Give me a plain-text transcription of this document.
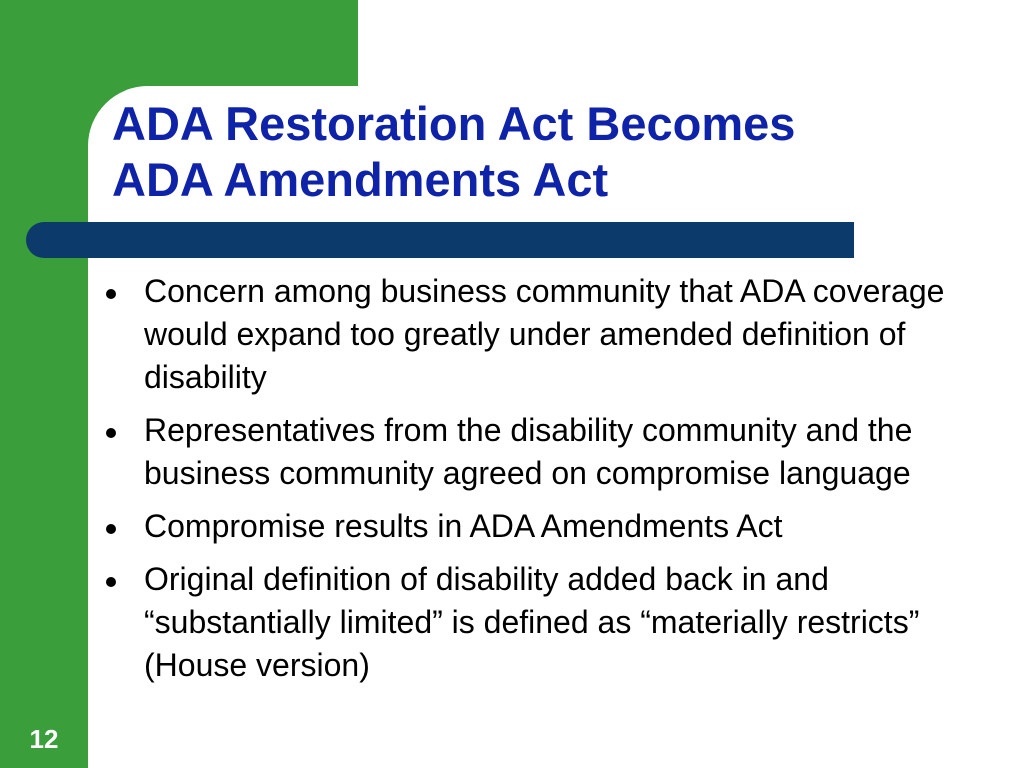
ADA Restoration Act Becomes
ADA Amendments Act
Concern among business community that ADA coverage would expand too greatly under amended definition of disability
Representatives from the disability community and the business community agreed on compromise language
Compromise results in ADA Amendments Act
Original definition of disability added back in and “substantially limited” is defined as “materially restricts” (House version)
12
